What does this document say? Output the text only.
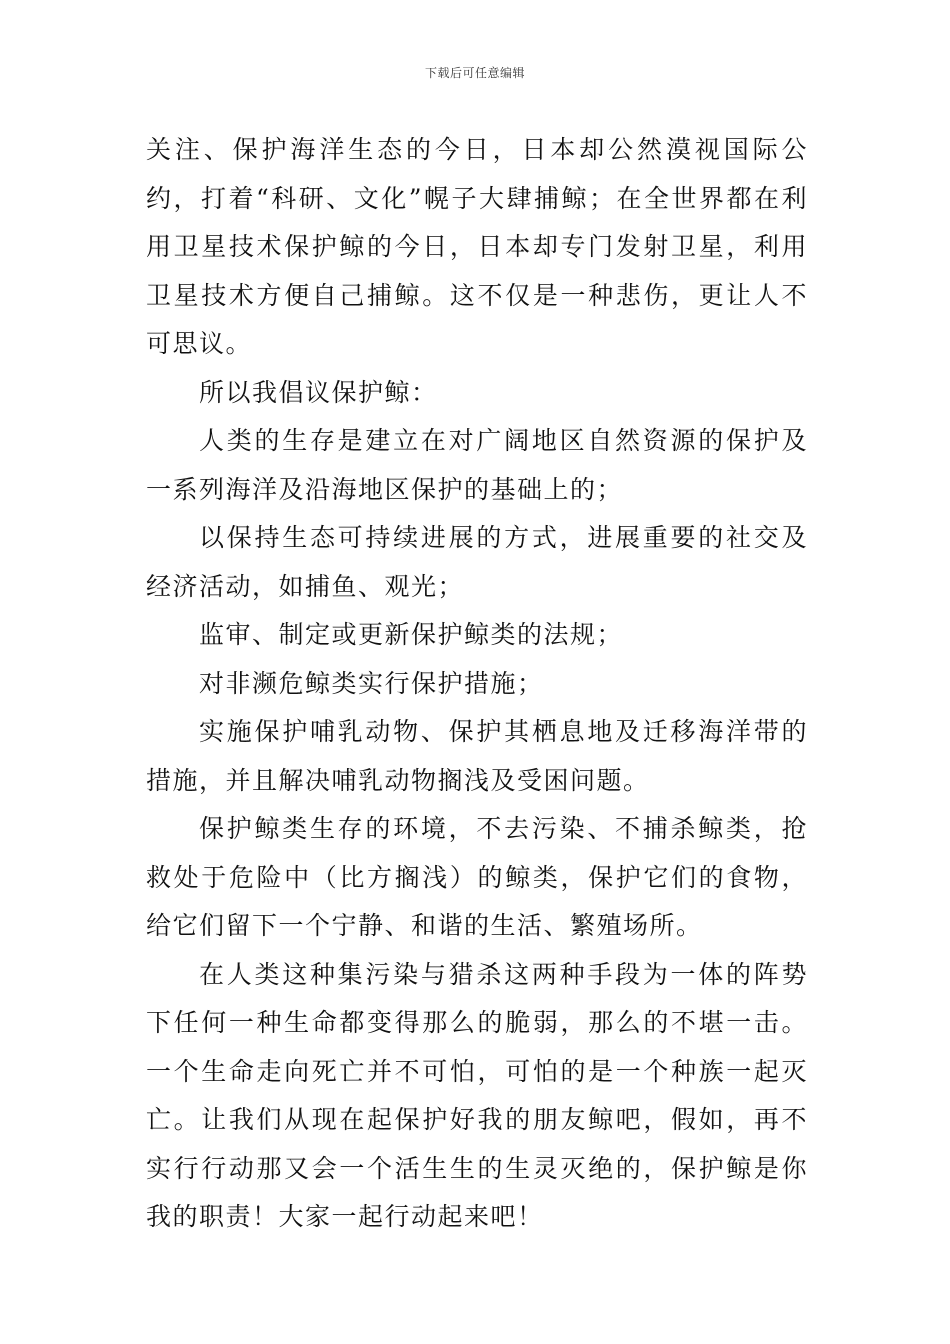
下载后可任意编辑

关注、保护海洋生态的今日，日本却公然漠视国际公约，打着“科研、文化”幌子大肆捕鲸；在全世界都在利用卫星技术保护鲸的今日，日本却专门发射卫星，利用卫星技术方便自己捕鲸。这不仅是一种悲伤，更让人不可思议。

所以我倡议保护鲸：

人类的生存是建立在对广阔地区自然资源的保护及一系列海洋及沿海地区保护的基础上的；

以保持生态可持续进展的方式，进展重要的社交及经济活动，如捕鱼、观光；

监审、制定或更新保护鲸类的法规；

对非濒危鲸类实行保护措施；

实施保护哺乳动物、保护其栖息地及迁移海洋带的措施，并且解决哺乳动物搁浅及受困问题。

保护鲸类生存的环境，不去污染、不捕杀鲸类，抢救处于危险中（比方搁浅）的鲸类，保护它们的食物，给它们留下一个宁静、和谐的生活、繁殖场所。

在人类这种集污染与猎杀这两种手段为一体的阵势下任何一种生命都变得那么的脆弱，那么的不堪一击。一个生命走向死亡并不可怕，可怕的是一个种族一起灭亡。让我们从现在起保护好我的朋友鲸吧，假如，再不实行行动那又会一个活生生的生灵灭绝的，保护鲸是你我的职责！大家一起行动起来吧！
